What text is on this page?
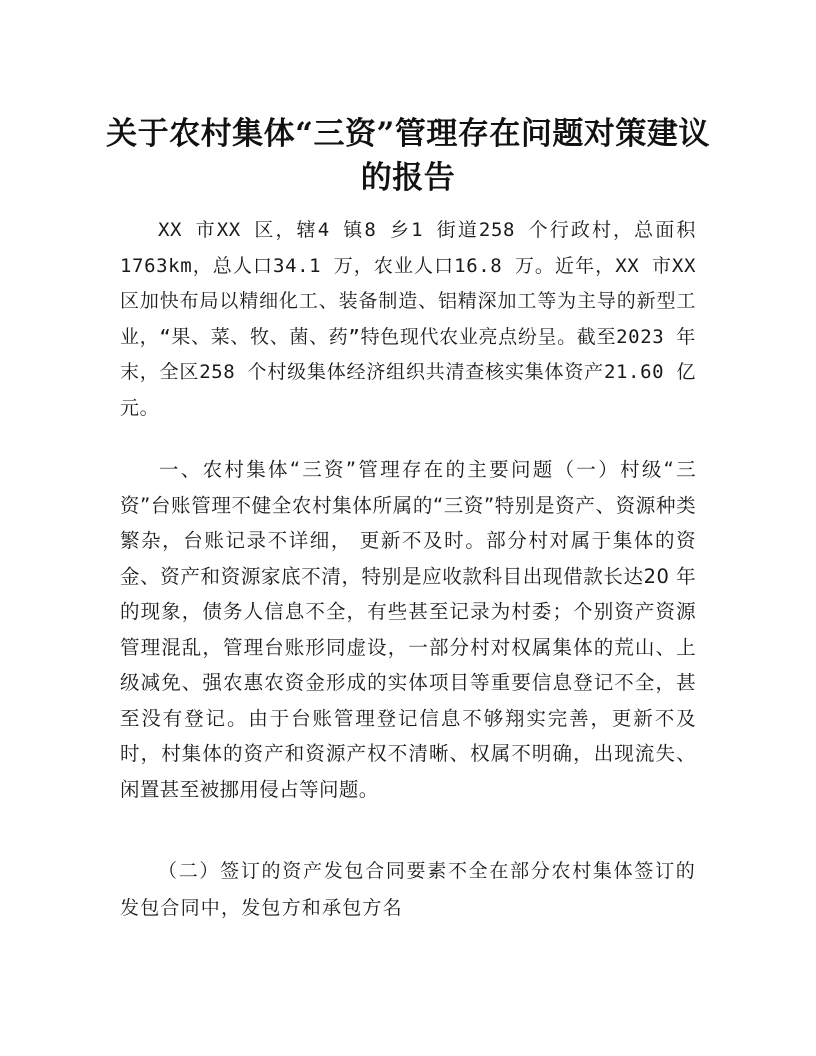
关于农村集体“三资”管理存在问题对策建议的报告

XX 市XX 区，辖4 镇8 乡1 街道258 个行政村，总面积1763km，总人口34.1 万，农业人口16.8 万。近年，XX 市XX 区加快布局以精细化工、装备制造、铝精深加工等为主导的新型工业，“果、菜、牧、菌、药”特色现代农业亮点纷呈。截至2023 年末，全区258 个村级集体经济组织共清查核实集体资产21.60 亿元。

一、农村集体“三资”管理存在的主要问题（一）村级“三资”台账管理不健全农村集体所属的“三资”特别是资产、资源种类繁杂，台账记录不详细， 更新不及时。部分村对属于集体的资金、资产和资源家底不清，特别是应收款科目出现借款长达20 年的现象，债务人信息不全，有些甚至记录为村委；个别资产资源管理混乱，管理台账形同虚设，一部分村对权属集体的荒山、上级减免、强农惠农资金形成的实体项目等重要信息登记不全，甚至没有登记。由于台账管理登记信息不够翔实完善，更新不及时，村集体的资产和资源产权不清晰、权属不明确，出现流失、闲置甚至被挪用侵占等问题。

（二）签订的资产发包合同要素不全在部分农村集体签订的发包合同中，发包方和承包方名
